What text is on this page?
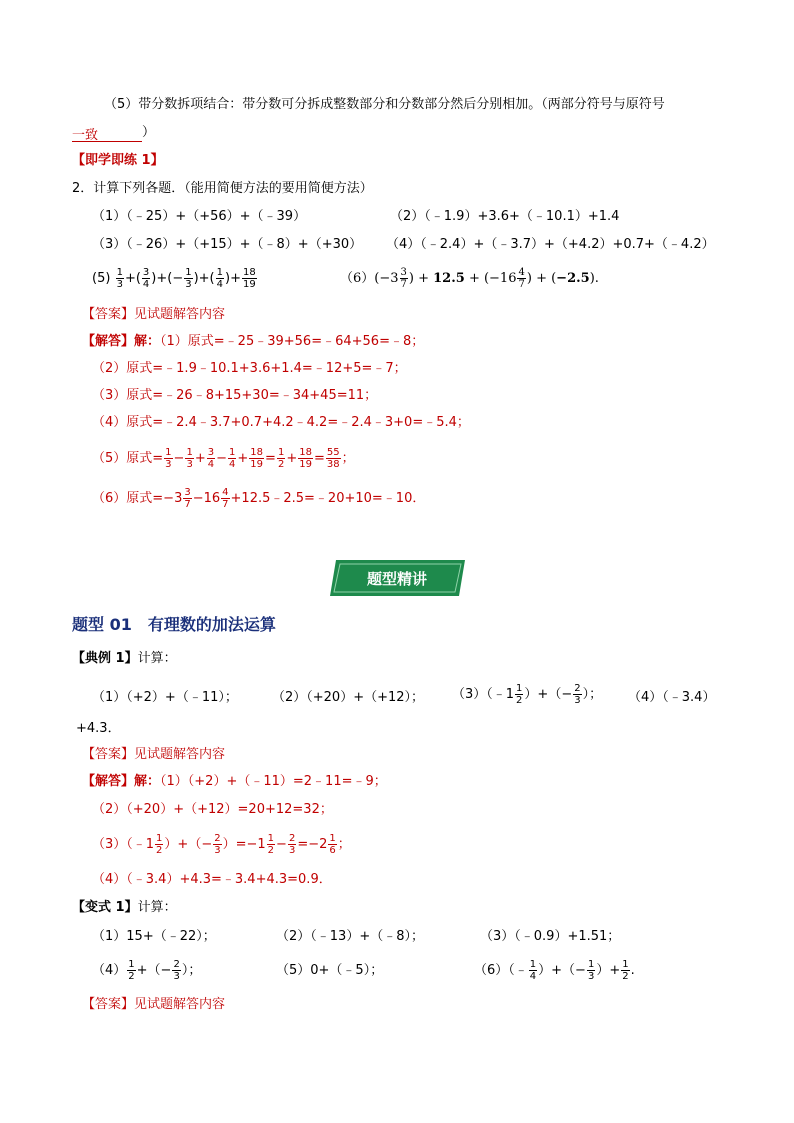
（5）带分数拆项结合：带分数可分拆成整数部分和分数部分然后分别相加。（两部分符号与原符号
一致	）
【即学即练 1】
2．计算下列各题．（能用简便方法的要用简便方法）
（1）（﹣25）+（+56）+（﹣39）	（2）（﹣1.9）+3.6+（﹣10.1）+1.4
（3）（﹣26）+（+15）+（﹣8）+（+30） （4）（﹣2.4）+（﹣3.7）+（+4.2）+0.7+（﹣4.2）
$(5) \frac{1}{3}$ +( $\frac{3}{4}$ )+(− $\frac{1}{3}$ )+( $\frac{1}{4}$ )+ $\frac{18}{19}$	$(6)(-3 \frac{3}{7}$ ) + $12.5 + (-16 \frac{4}{7}$ ) + (−2.5).
【答案】见试题解答内容
【解答】解：（1）原式=﹣25﹣39+56=﹣64+56=﹣8；
（2）原式=﹣1.9﹣10.1+3.6+1.4=﹣12+5=﹣7；
（3）原式=﹣26﹣8+15+30=﹣34+45=11；
（4）原式=﹣2.4﹣3.7+0.7+4.2﹣4.2=﹣2.4﹣3+0=﹣5.4；
（5）原式= $\frac{1}{3} - \frac{1}{3} + \frac{3}{4} - \frac{1}{4} + \frac{18}{19} = \frac{1}{2} + \frac{18}{19} = \frac{55}{38}$ ；
（6）原式$=-3 \frac{3}{7} -16 \frac{4}{7}$ +12.5﹣2.5=﹣20+10=﹣10．
题型精讲
题型 01　有理数的加法运算
【典例 1】计算：
（1）（+2）+（﹣11）；	（2）（+20）+（+12）； （3）（﹣1 $\frac{1}{2}$ ）+（− $\frac{2}{3}$ ）； （4）（﹣3.4）
+4.3．
【答案】见试题解答内容
【解答】解：（1）（+2）+（﹣11）=2﹣11=﹣9；
（2）（+20）+（+12）=20+12=32；
（3）（﹣1 $\frac{1}{2}$ ）+（− $\frac{2}{3} )=-1 \frac{1}{2} - \frac{2}{3} =-2 \frac{1}{6}$ ；
（4）（﹣3.4）+4.3=﹣3.4+4.3=0.9．
【变式 1】计算：
（1）15+（﹣22）；	（2）（﹣13）+（﹣8）；	（3）（﹣0.9）+1.51；
$(4) \frac{1}{2}$ +（− $\frac{2}{3}$ ）；	（5）0+（﹣5）；	（6）（﹣ $\frac{1}{4}$ ）+（− $\frac{1}{3}$ ）+ $\frac{1}{2}$ .
【答案】见试题解答内容
